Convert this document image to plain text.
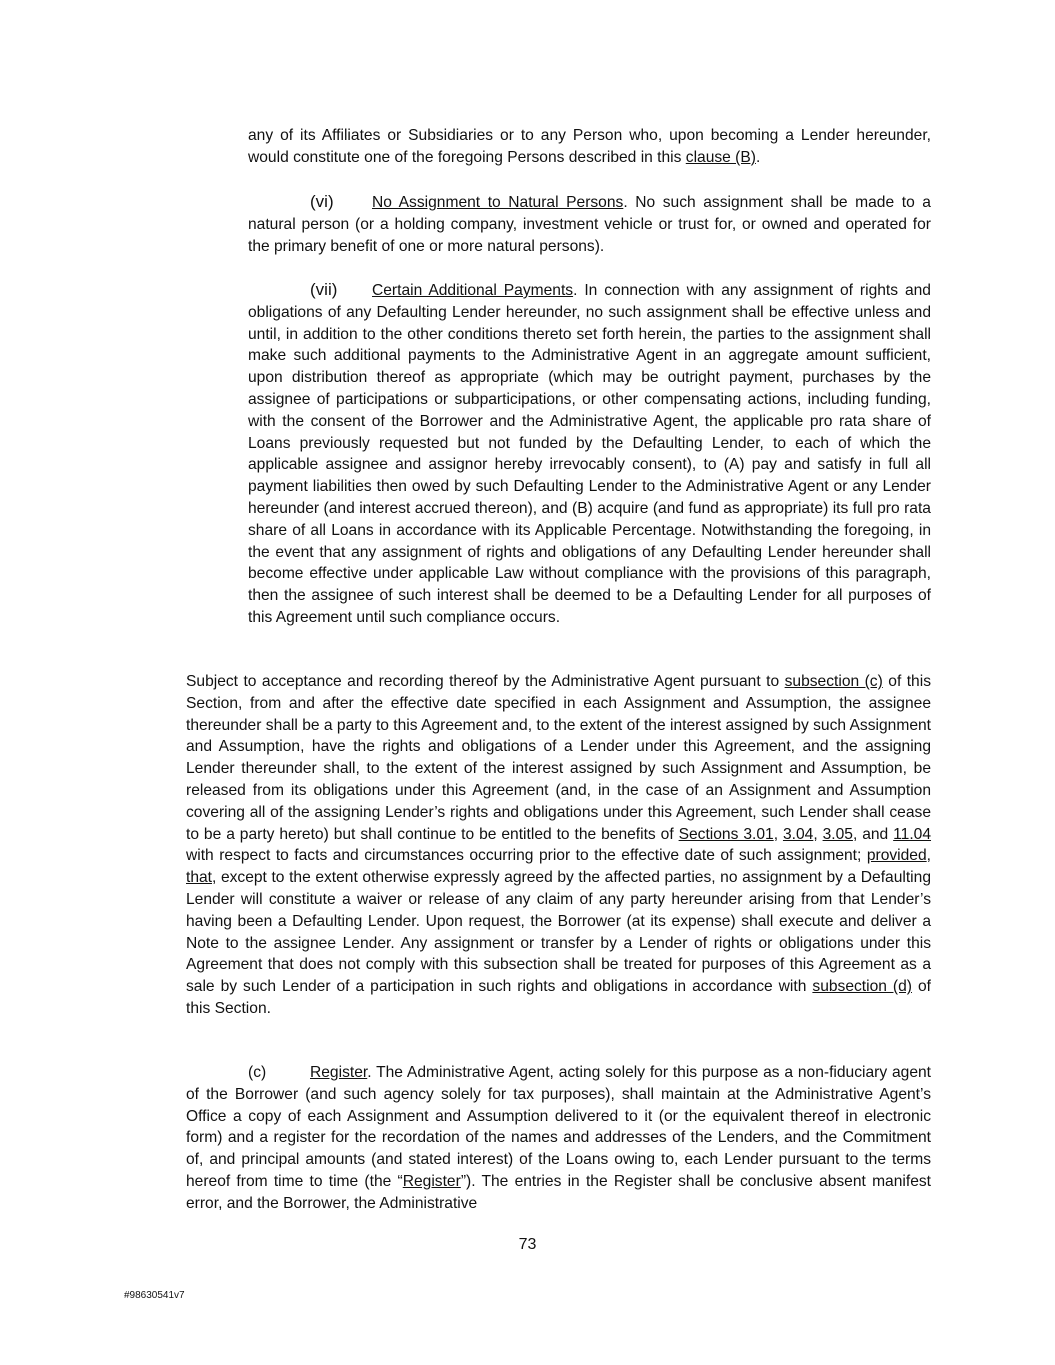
any of its Affiliates or Subsidiaries or to any Person who, upon becoming a Lender hereunder, would constitute one of the foregoing Persons described in this clause (B).
(vi) No Assignment to Natural Persons. No such assignment shall be made to a natural person (or a holding company, investment vehicle or trust for, or owned and operated for the primary benefit of one or more natural persons).
(vii) Certain Additional Payments. In connection with any assignment of rights and obligations of any Defaulting Lender hereunder, no such assignment shall be effective unless and until, in addition to the other conditions thereto set forth herein, the parties to the assignment shall make such additional payments to the Administrative Agent in an aggregate amount sufficient, upon distribution thereof as appropriate (which may be outright payment, purchases by the assignee of participations or subparticipations, or other compensating actions, including funding, with the consent of the Borrower and the Administrative Agent, the applicable pro rata share of Loans previously requested but not funded by the Defaulting Lender, to each of which the applicable assignee and assignor hereby irrevocably consent), to (A) pay and satisfy in full all payment liabilities then owed by such Defaulting Lender to the Administrative Agent or any Lender hereunder (and interest accrued thereon), and (B) acquire (and fund as appropriate) its full pro rata share of all Loans in accordance with its Applicable Percentage. Notwithstanding the foregoing, in the event that any assignment of rights and obligations of any Defaulting Lender hereunder shall become effective under applicable Law without compliance with the provisions of this paragraph, then the assignee of such interest shall be deemed to be a Defaulting Lender for all purposes of this Agreement until such compliance occurs.
Subject to acceptance and recording thereof by the Administrative Agent pursuant to subsection (c) of this Section, from and after the effective date specified in each Assignment and Assumption, the assignee thereunder shall be a party to this Agreement and, to the extent of the interest assigned by such Assignment and Assumption, have the rights and obligations of a Lender under this Agreement, and the assigning Lender thereunder shall, to the extent of the interest assigned by such Assignment and Assumption, be released from its obligations under this Agreement (and, in the case of an Assignment and Assumption covering all of the assigning Lender’s rights and obligations under this Agreement, such Lender shall cease to be a party hereto) but shall continue to be entitled to the benefits of Sections 3.01, 3.04, 3.05, and 11.04 with respect to facts and circumstances occurring prior to the effective date of such assignment; provided, that, except to the extent otherwise expressly agreed by the affected parties, no assignment by a Defaulting Lender will constitute a waiver or release of any claim of any party hereunder arising from that Lender’s having been a Defaulting Lender. Upon request, the Borrower (at its expense) shall execute and deliver a Note to the assignee Lender. Any assignment or transfer by a Lender of rights or obligations under this Agreement that does not comply with this subsection shall be treated for purposes of this Agreement as a sale by such Lender of a participation in such rights and obligations in accordance with subsection (d) of this Section.
(c)	Register. The Administrative Agent, acting solely for this purpose as a non-fiduciary agent of the Borrower (and such agency solely for tax purposes), shall maintain at the Administrative Agent’s Office a copy of each Assignment and Assumption delivered to it (or the equivalent thereof in electronic form) and a register for the recordation of the names and addresses of the Lenders, and the Commitment of, and principal amounts (and stated interest) of the Loans owing to, each Lender pursuant to the terms hereof from time to time (the “Register”). The entries in the Register shall be conclusive absent manifest error, and the Borrower, the Administrative
73
#98630541v7
